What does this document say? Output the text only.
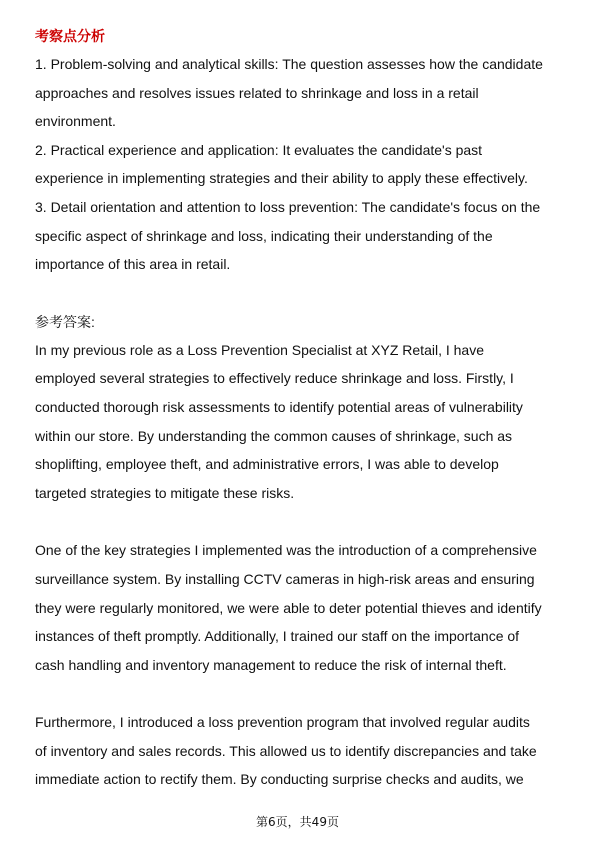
考察点分析
1. Problem-solving and analytical skills: The question assesses how the candidate
approaches and resolves issues related to shrinkage and loss in a retail
environment.
2. Practical experience and application: It evaluates the candidate's past
experience in implementing strategies and their ability to apply these effectively.
3. Detail orientation and attention to loss prevention: The candidate's focus on the
specific aspect of shrinkage and loss, indicating their understanding of the
importance of this area in retail.
参考答案:
In my previous role as a Loss Prevention Specialist at XYZ Retail, I have
employed several strategies to effectively reduce shrinkage and loss. Firstly, I
conducted thorough risk assessments to identify potential areas of vulnerability
within our store. By understanding the common causes of shrinkage, such as
shoplifting, employee theft, and administrative errors, I was able to develop
targeted strategies to mitigate these risks.
One of the key strategies I implemented was the introduction of a comprehensive
surveillance system. By installing CCTV cameras in high-risk areas and ensuring
they were regularly monitored, we were able to deter potential thieves and identify
instances of theft promptly. Additionally, I trained our staff on the importance of
cash handling and inventory management to reduce the risk of internal theft.
Furthermore, I introduced a loss prevention program that involved regular audits
of inventory and sales records. This allowed us to identify discrepancies and take
immediate action to rectify them. By conducting surprise checks and audits, we
第6页，共49页
